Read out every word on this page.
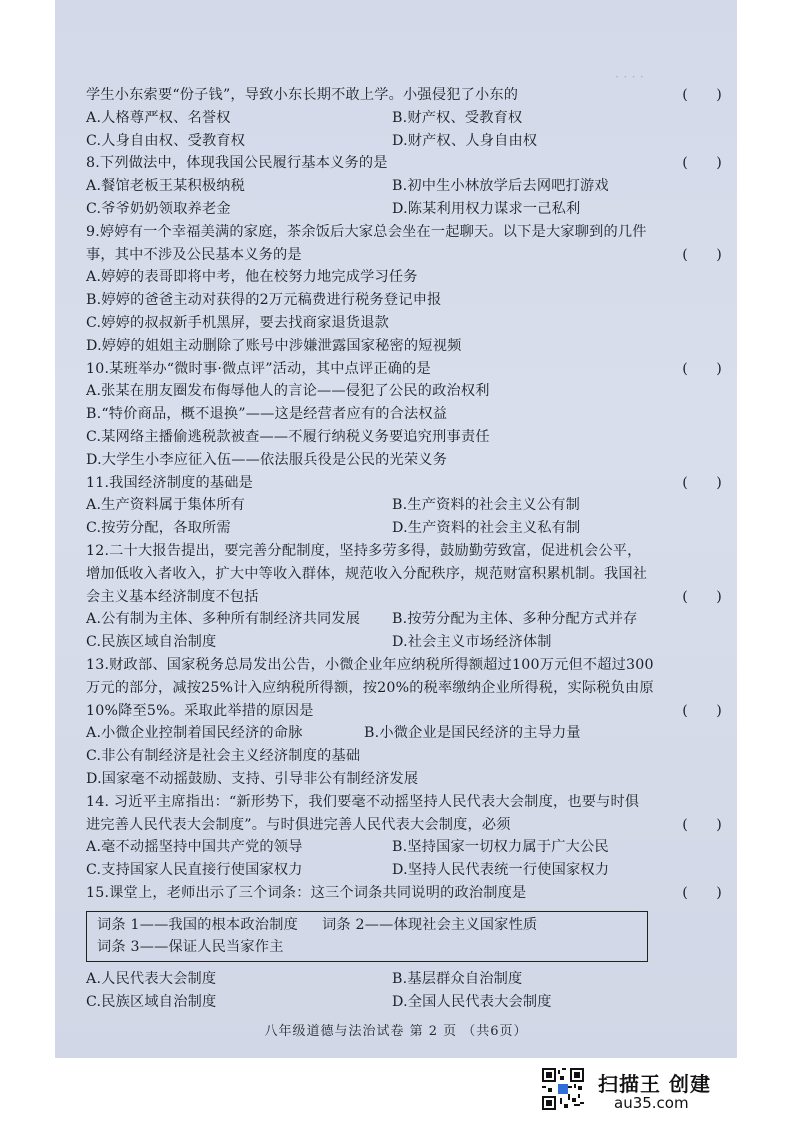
· · · ·
学生小东索要“份子钱”，导致小东长期不敢上学。小强侵犯了小东的	(      )
A.人格尊严权、名誉权	B.财产权、受教育权
C.人身自由权、受教育权	D.财产权、人身自由权
8.下列做法中，体现我国公民履行基本义务的是	(      )
A.餐馆老板王某积极纳税	B.初中生小林放学后去网吧打游戏
C.爷爷奶奶领取养老金	D.陈某利用权力谋求一己私利
9.婷婷有一个幸福美满的家庭，茶余饭后大家总会坐在一起聊天。以下是大家聊到的几件
事，其中不涉及公民基本义务的是	(      )
A.婷婷的表哥即将中考，他在校努力地完成学习任务
B.婷婷的爸爸主动对获得的2万元稿费进行税务登记申报
C.婷婷的叔叔新手机黑屏，要去找商家退货退款
D.婷婷的姐姐主动删除了账号中涉嫌泄露国家秘密的短视频
10.某班举办“微时事·微点评”活动，其中点评正确的是	(      )
A.张某在朋友圈发布侮辱他人的言论——侵犯了公民的政治权利
B.“特价商品，概不退换”——这是经营者应有的合法权益
C.某网络主播偷逃税款被查——不履行纳税义务要追究刑事责任
D.大学生小李应征入伍——依法服兵役是公民的光荣义务
11.我国经济制度的基础是	(      )
A.生产资料属于集体所有	B.生产资料的社会主义公有制
C.按劳分配，各取所需	D.生产资料的社会主义私有制
12.二十大报告提出，要完善分配制度，坚持多劳多得，鼓励勤劳致富，促进机会公平，
增加低收入者收入，扩大中等收入群体，规范收入分配秩序，规范财富积累机制。我国社
会主义基本经济制度不包括	(      )
A.公有制为主体、多种所有制经济共同发展	B.按劳分配为主体、多种分配方式并存
C.民族区域自治制度	D.社会主义市场经济体制
13.财政部、国家税务总局发出公告，小微企业年应纳税所得额超过100万元但不超过300
万元的部分，减按25%计入应纳税所得额，按20%的税率缴纳企业所得税，实际税负由原
10%降至5%。采取此举措的原因是	(      )
A.小微企业控制着国民经济的命脉	B.小微企业是国民经济的主导力量
C.非公有制经济是社会主义经济制度的基础
D.国家毫不动摇鼓励、支持、引导非公有制经济发展
14. 习近平主席指出：“新形势下，我们要毫不动摇坚持人民代表大会制度，也要与时俱
进完善人民代表大会制度”。与时俱进完善人民代表大会制度，必须	(      )
A.毫不动摇坚持中国共产党的领导	B.坚持国家一切权力属于广大公民
C.支持国家人民直接行使国家权力	D.坚持人民代表统一行使国家权力
15.课堂上，老师出示了三个词条：这三个词条共同说明的政治制度是	(      )
词条 1——我国的根本政治制度 词条 2——体现社会主义国家性质
词条 3——保证人民当家作主
A.人民代表大会制度	B.基层群众自治制度
C.民族区域自治制度	D.全国人民代表大会制度
八年级道德与法治试卷 第 2 页 （共6页）
扫描王 创建
au35.com
